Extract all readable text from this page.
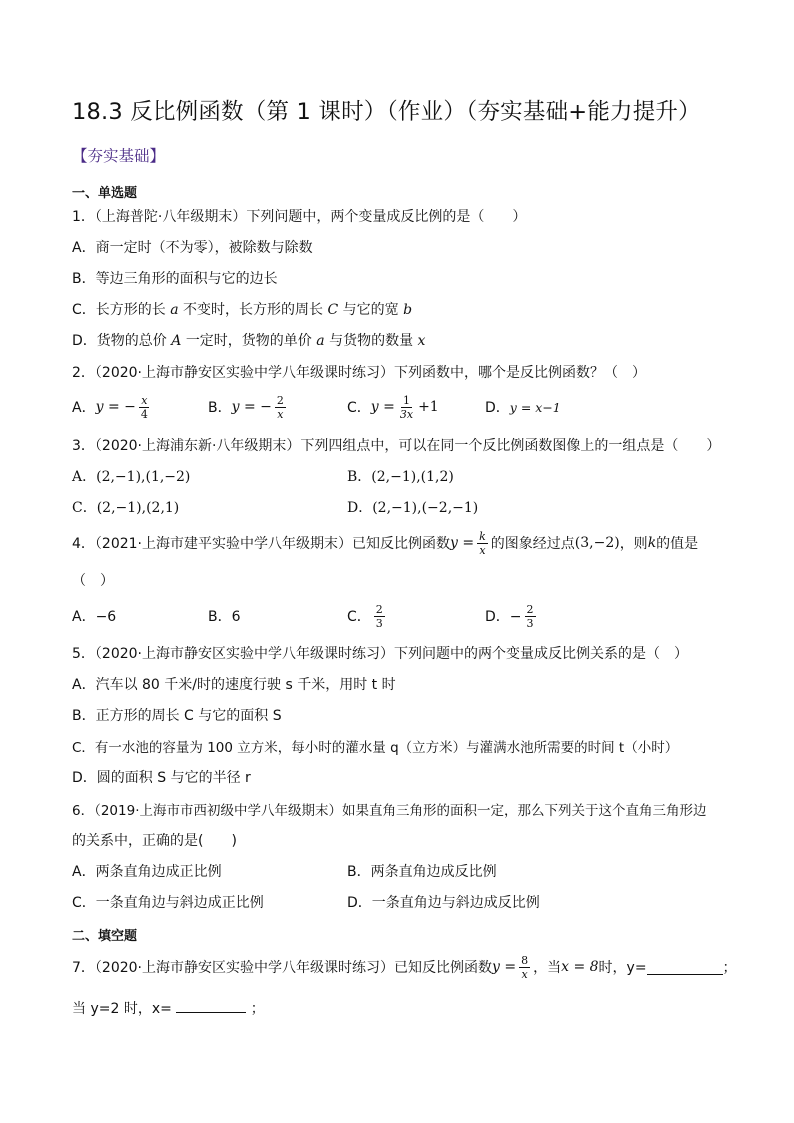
18.3 反比例函数（第 1 课时）（作业）（夯实基础+能力提升）
【夯实基础】
一、单选题
1．（上海普陀·八年级期末）下列问题中，两个变量成反比例的是（　　）
A．商一定时（不为零），被除数与除数
B．等边三角形的面积与它的边长
C．长方形的长 a 不变时，长方形的周长 C 与它的宽 b
D．货物的总价 A 一定时，货物的单价 a 与货物的数量 x
2．（2020·上海市静安区实验中学八年级课时练习）下列函数中，哪个是反比例函数？（　）
A． y = − $\frac{x}{4}$	B． y = − $\frac{2}{x}$	C． $y = \frac{1}{3x} +1$	D． y = x−1
3．（2020·上海浦东新·八年级期末）下列四组点中，可以在同一个反比例函数图像上的一组点是（　　）
A．(2,−1),(1,−2)	B．(2,−1),(1,2)
C．(2,−1),(2,1)	D．(2,−1),(−2,−1)
4．（2021·上海市建平实验中学八年级期末）已知反比例函数 $y = \frac{k}{x}$ 的图象经过点 (3,−2) ，则 k 的值是
（　）
A．−6	B．6	C． $\frac{2}{3}$	D．− $\frac{2}{3}$
5．（2020·上海市静安区实验中学八年级课时练习）下列问题中的两个变量成反比例关系的是（　）
A．汽车以 80 千米/时的速度行驶 s 千米，用时 t 时
B．正方形的周长 C 与它的面积 S
C．有一水池的容量为 100 立方米，每小时的灌水量 q（立方米）与灌满水池所需要的时间 t（小时）
D．圆的面积 S 与它的半径 r
6．（2019·上海市市西初级中学八年级期末）如果直角三角形的面积一定，那么下列关于这个直角三角形边
的关系中，正确的是(　　)
A．两条直角边成正比例	B．两条直角边成反比例
C．一条直角边与斜边成正比例	D．一条直角边与斜边成反比例
二、填空题
7．（2020·上海市静安区实验中学八年级课时练习）已知反比例函数 $y = \frac{8}{x}$ ，当 x = 8 时，y=	；
当 y=2 时，x=	；
